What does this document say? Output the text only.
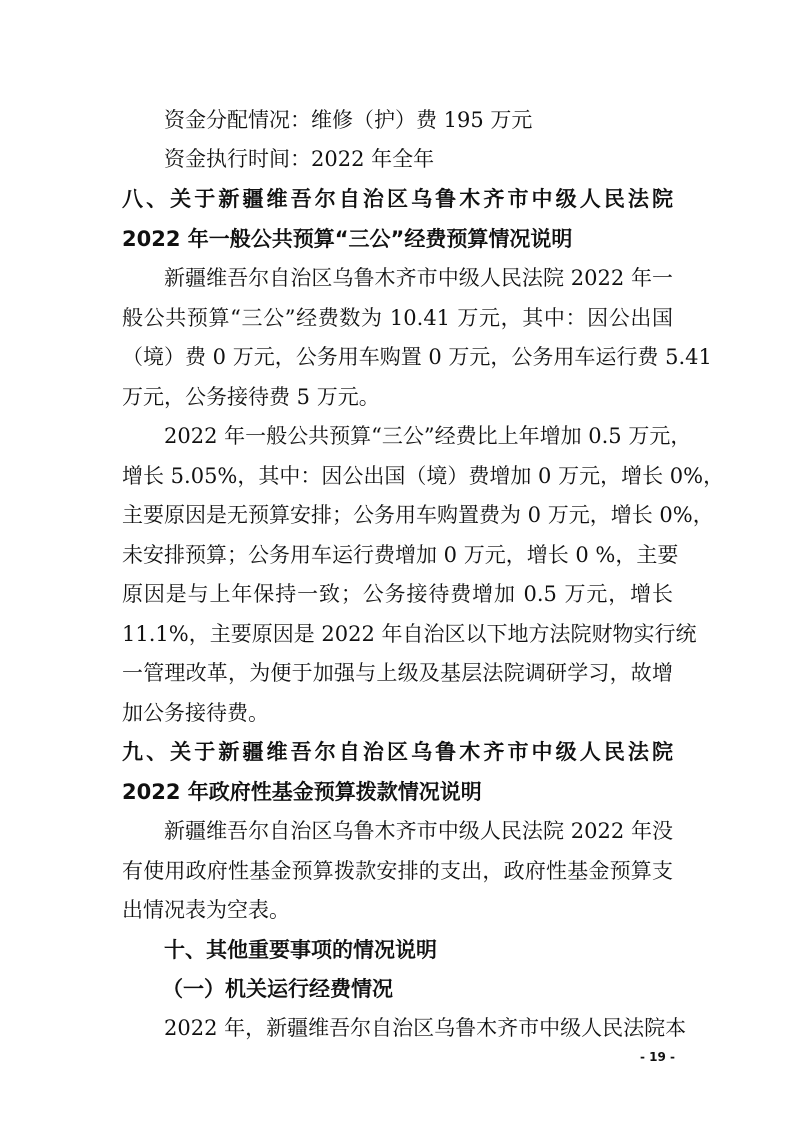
资金分配情况：维修（护）费 195 万元

资金执行时间：2022 年全年

八、关于新疆维吾尔自治区乌鲁木齐市中级人民法院

2022 年一般公共预算“三公”经费预算情况说明

新疆维吾尔自治区乌鲁木齐市中级人民法院 2022 年一

般公共预算“三公”经费数为 10.41 万元，其中：因公出国

（境）费 0 万元，公务用车购置 0 万元，公务用车运行费 5.41

万元，公务接待费 5 万元。

2022 年一般公共预算“三公”经费比上年增加 0.5 万元，

增长 5.05%，其中：因公出国（境）费增加 0 万元，增长 0%，

主要原因是无预算安排；公务用车购置费为 0 万元，增长 0%，

未安排预算；公务用车运行费增加 0 万元，增长 0 %，主要

原因是与上年保持一致；公务接待费增加 0.5 万元，增长

11.1%，主要原因是 2022 年自治区以下地方法院财物实行统

一管理改革，为便于加强与上级及基层法院调研学习，故增

加公务接待费。

九、关于新疆维吾尔自治区乌鲁木齐市中级人民法院

2022 年政府性基金预算拨款情况说明

新疆维吾尔自治区乌鲁木齐市中级人民法院 2022 年没

有使用政府性基金预算拨款安排的支出，政府性基金预算支

出情况表为空表。

十、其他重要事项的情况说明

（一）机关运行经费情况

2022 年，新疆维吾尔自治区乌鲁木齐市中级人民法院本

- 19 -
